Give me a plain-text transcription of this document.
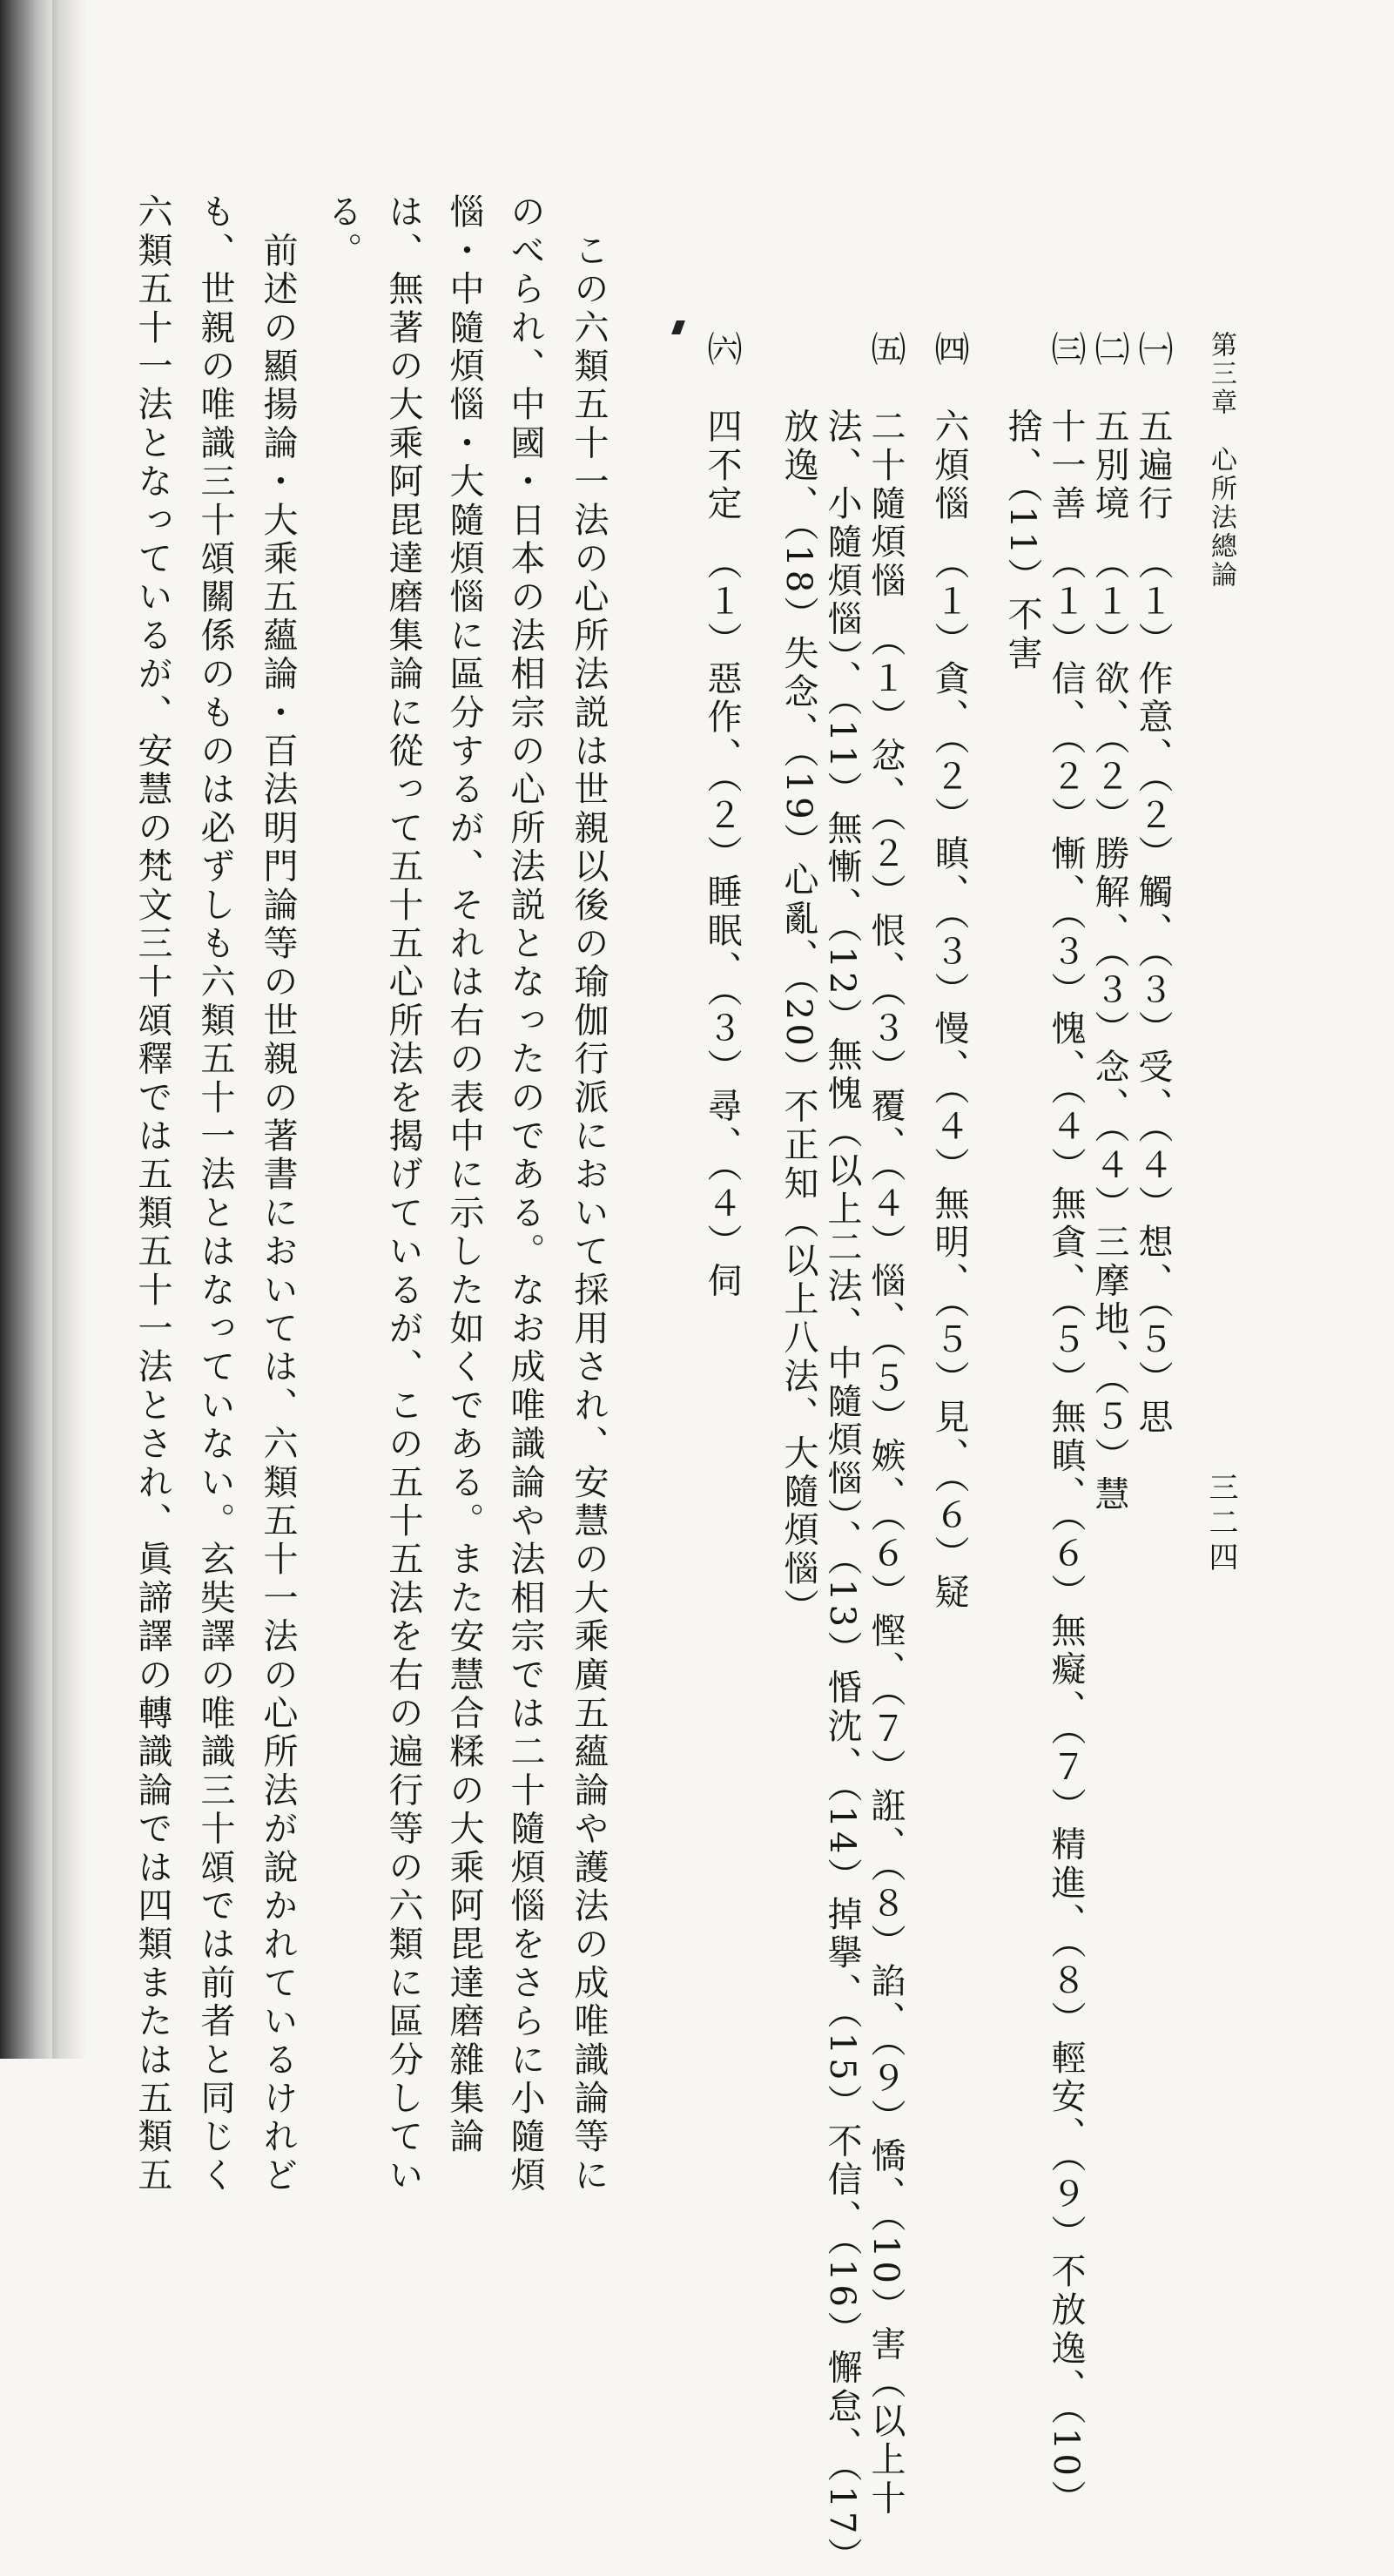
第三章　心所法總論
三二四
㈠　五遍行　（１）作意、（２）觸、（３）受、（４）想、（５）思
㈡　五別境　（１）欲、（２）勝解、（３）念、（４）三摩地、（５）慧
㈢　十一善　（１）信、（２）慚、（３）愧、（４）無貪、（５）無瞋、（６）無癡、（７）精進、（８）輕安、（９）不放逸、（10）
　　捨、（11）不害
㈣　六煩惱　（１）貪、（２）瞋、（３）慢、（４）無明、（５）見、（６）疑
㈤　二十隨煩惱　（１）忿、（２）恨、（３）覆、（４）惱、（５）嫉、（６）慳、（７）誑、（８）諂、（９）憍、（10）害（以上十
　　法、小隨煩惱）、（11）無慚、（12）無愧（以上二法、中隨煩惱）、（13）惛沈、（14）掉擧、（15）不信、（16）懈怠、（17）
　　放逸、（18）失念、（19）心亂、（20）不正知（以上八法、大隨煩惱）
㈥　四不定　（１）惡作、（２）睡眠、（３）尋、（４）伺
　この六類五十一法の心所法説は世親以後の瑜伽行派において採用され、安慧の大乘廣五蘊論や護法の成唯識論等に
のべられ、中國・日本の法相宗の心所法説となったのである。なお成唯識論や法相宗では二十隨煩惱をさらに小隨煩
惱・中隨煩惱・大隨煩惱に區分するが、それは右の表中に示した如くである。また安慧合糅の大乘阿毘達磨雜集論
は、無著の大乘阿毘達磨集論に從って五十五心所法を揭げているが、この五十五法を右の遍行等の六類に區分してい
る。
　前述の顯揚論・大乘五蘊論・百法明門論等の世親の著書においては、六類五十一法の心所法が說かれているけれど
も、世親の唯識三十頌關係のものは必ずしも六類五十一法とはなっていない。玄奘譯の唯識三十頌では前者と同じく
六類五十一法となっているが、安慧の梵文三十頌釋では五類五十一法とされ、眞諦譯の轉識論では四類または五類五
